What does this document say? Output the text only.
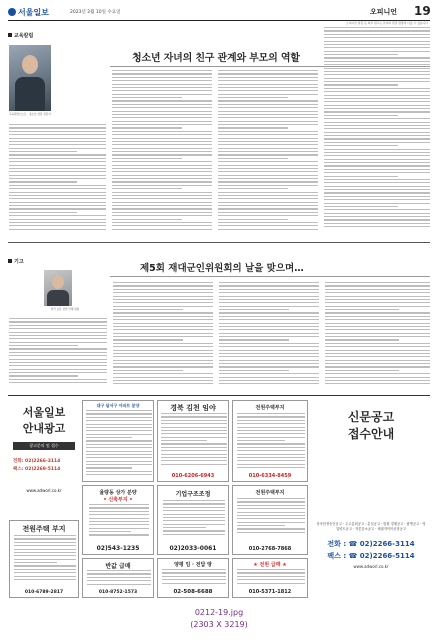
서울일보	2023년 2월 10일 수요일	오피니언 19
오피니언 칼럼 등 외부 원고는 본지의 편집 방향과 다를 수 있습니다
교육칼럼
청소년 자녀의 친구 관계와 부모의 역할
교육컬럼니스트 · 청소년 상담 전문가
기고
제5회 재대군인위원회의 날을 맞으며…
한국 보훈 관련 단체 위원
서울일보
안내광고
광고문의 및 접수
전화: 02)2266-3114
팩스: 02)2269-5114
www.adworl.co.kr
대구 달서구 아파트 분양
율량동 상가 분양
• 신축부지 •
02)543-1235
경북 김천 임야
010-6206-6943
기업구조조정
02)2033-0061
전원주택부지
010-6334-8459
전원주택부지
010-2768-7868
신문공고
접수안내
상속한정승인공고 · 주주총회공고 · 분실공고 · 법원 경매공고 · 합병공고 · 영업양도공고 · 자본감소공고 · 채권자이의신청공고
전화 : ☎ 02)2266-3114
팩스 : ☎ 02)2266-5114
www.adworl.co.kr
전원주택 부지
010-6789-2817
반값 급매
010-8752-1573
양평 임 · 전답 땅
02-508-6688
★ 전원 급매 ★
010-5371-1812
0212-19.jpg
(2303 X 3219)
